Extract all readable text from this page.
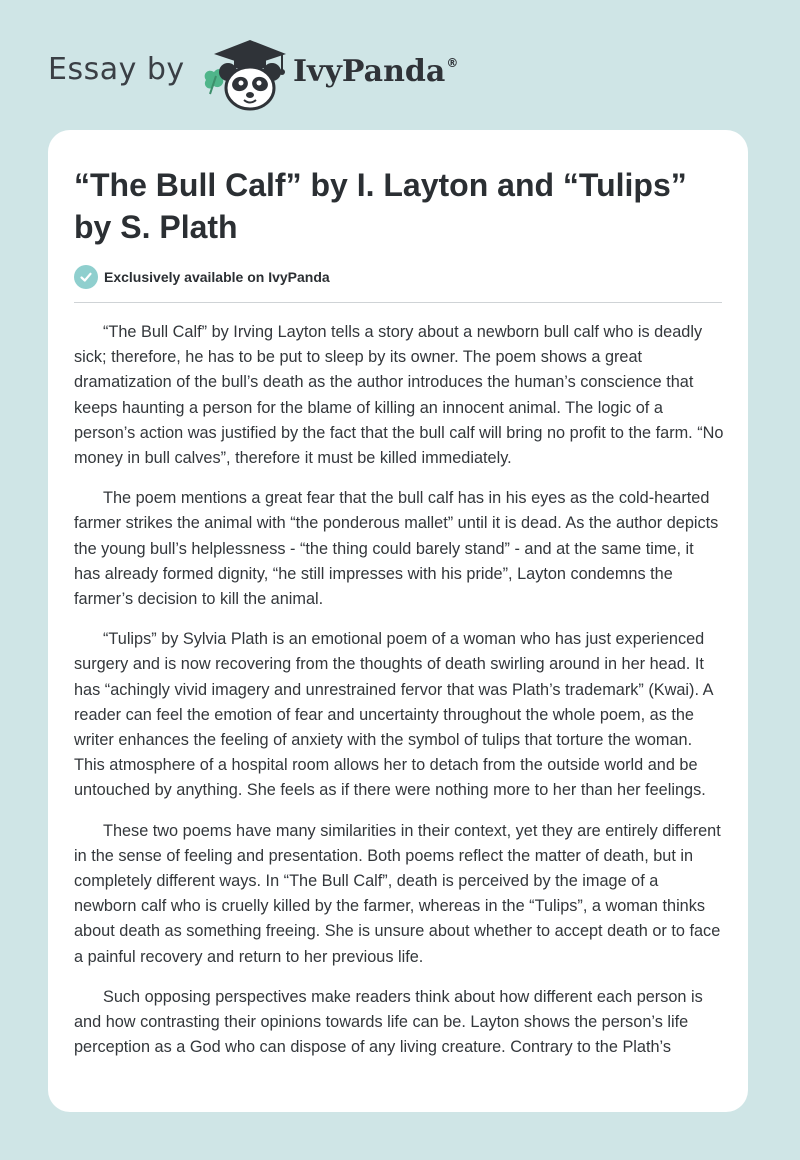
Essay by	IvyPanda®
“The Bull Calf” by I. Layton and “Tulips” by S. Plath
Exclusively available on IvyPanda

“The Bull Calf” by Irving Layton tells a story about a newborn bull calf who is deadly sick; therefore, he has to be put to sleep by its owner. The poem shows a great dramatization of the bull’s death as the author introduces the human’s conscience that keeps haunting a person for the blame of killing an innocent animal. The logic of a person’s action was justified by the fact that the bull calf will bring no profit to the farm. “No money in bull calves”, therefore it must be killed immediately.

The poem mentions a great fear that the bull calf has in his eyes as the cold-hearted farmer strikes the animal with “the ponderous mallet” until it is dead. As the author depicts the young bull’s helplessness - “the thing could barely stand” - and at the same time, it has already formed dignity, “he still impresses with his pride”, Layton condemns the farmer’s decision to kill the animal.

“Tulips” by Sylvia Plath is an emotional poem of a woman who has just experienced surgery and is now recovering from the thoughts of death swirling around in her head. It has “achingly vivid imagery and unrestrained fervor that was Plath’s trademark” (Kwai). A reader can feel the emotion of fear and uncertainty throughout the whole poem, as the writer enhances the feeling of anxiety with the symbol of tulips that torture the woman. This atmosphere of a hospital room allows her to detach from the outside world and be untouched by anything. She feels as if there were nothing more to her than her feelings.

These two poems have many similarities in their context, yet they are entirely different in the sense of feeling and presentation. Both poems reflect the matter of death, but in completely different ways. In “The Bull Calf”, death is perceived by the image of a newborn calf who is cruelly killed by the farmer, whereas in the “Tulips”, a woman thinks about death as something freeing. She is unsure about whether to accept death or to face a painful recovery and return to her previous life.

Such opposing perspectives make readers think about how different each person is and how contrasting their opinions towards life can be. Layton shows the person’s life perception as a God who can dispose of any living creature. Contrary to the Plath’s
